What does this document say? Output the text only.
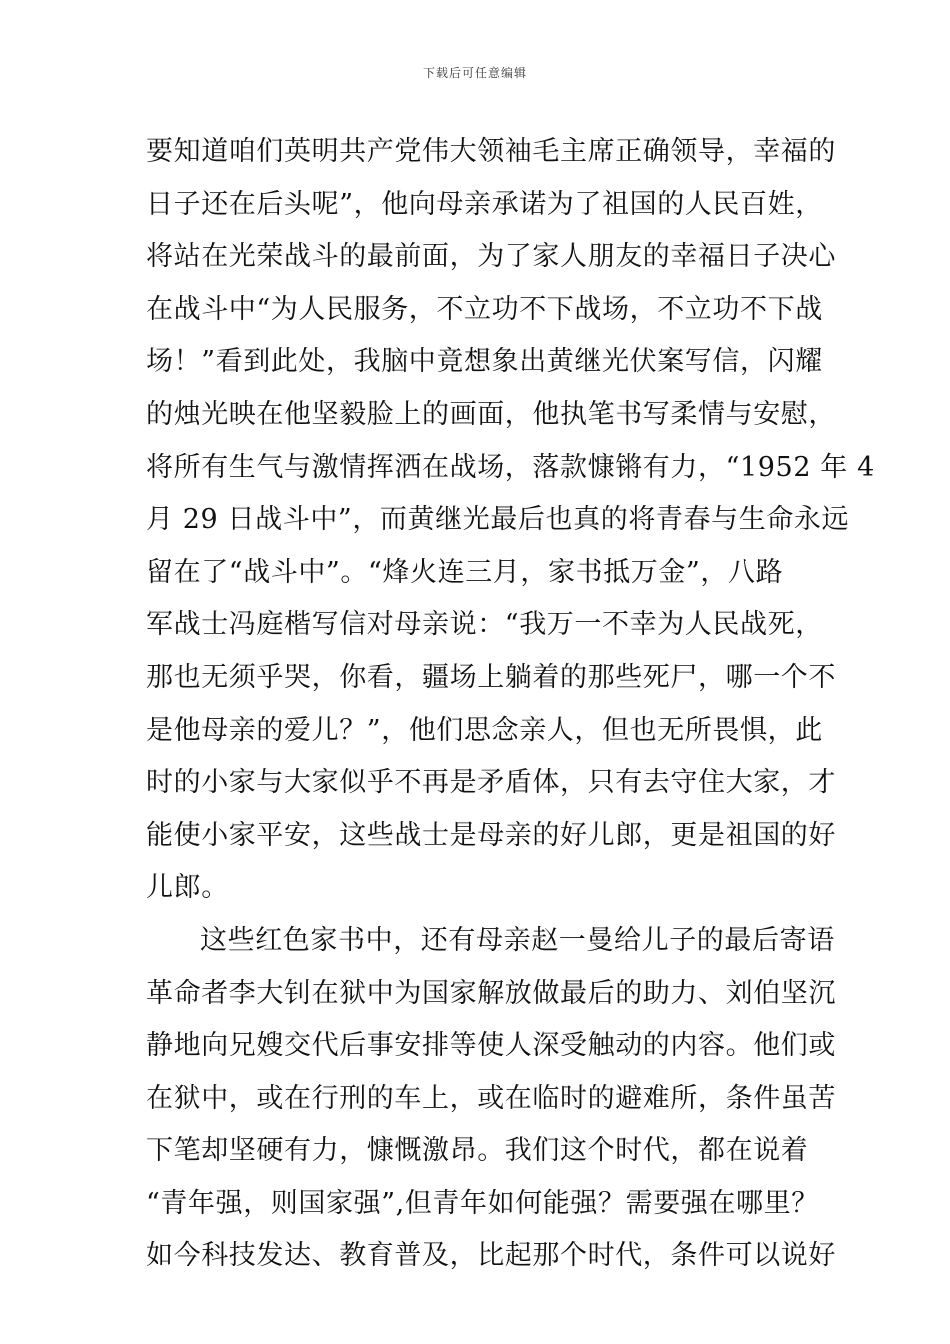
下载后可任意编辑
要知道咱们英明共产党伟大领袖毛主席正确领导，幸福的
日子还在后头呢”，他向母亲承诺为了祖国的人民百姓，
将站在光荣战斗的最前面，为了家人朋友的幸福日子决心
在战斗中“为人民服务，不立功不下战场，不立功不下战
场！”看到此处，我脑中竟想象出黄继光伏案写信，闪耀
的烛光映在他坚毅脸上的画面，他执笔书写柔情与安慰，
将所有生气与激情挥洒在战场，落款慷锵有力，“1952 年 4
月 29 日战斗中”，而黄继光最后也真的将青春与生命永远
留在了“战斗中”。“烽火连三月，家书抵万金”，八路
军战士冯庭楷写信对母亲说：“我万一不幸为人民战死，
那也无须乎哭，你看，疆场上躺着的那些死尸，哪一个不
是他母亲的爱儿？”，他们思念亲人，但也无所畏惧，此
时的小家与大家似乎不再是矛盾体，只有去守住大家，才
能使小家平安，这些战士是母亲的好儿郎，更是祖国的好
儿郎。
这些红色家书中，还有母亲赵一曼给儿子的最后寄语
革命者李大钊在狱中为国家解放做最后的助力、刘伯坚沉
静地向兄嫂交代后事安排等使人深受触动的内容。他们或
在狱中，或在行刑的车上，或在临时的避难所，条件虽苦
下笔却坚硬有力，慷慨激昂。我们这个时代，都在说着
“青年强，则国家强”,但青年如何能强？需要强在哪里？
如今科技发达、教育普及，比起那个时代，条件可以说好
